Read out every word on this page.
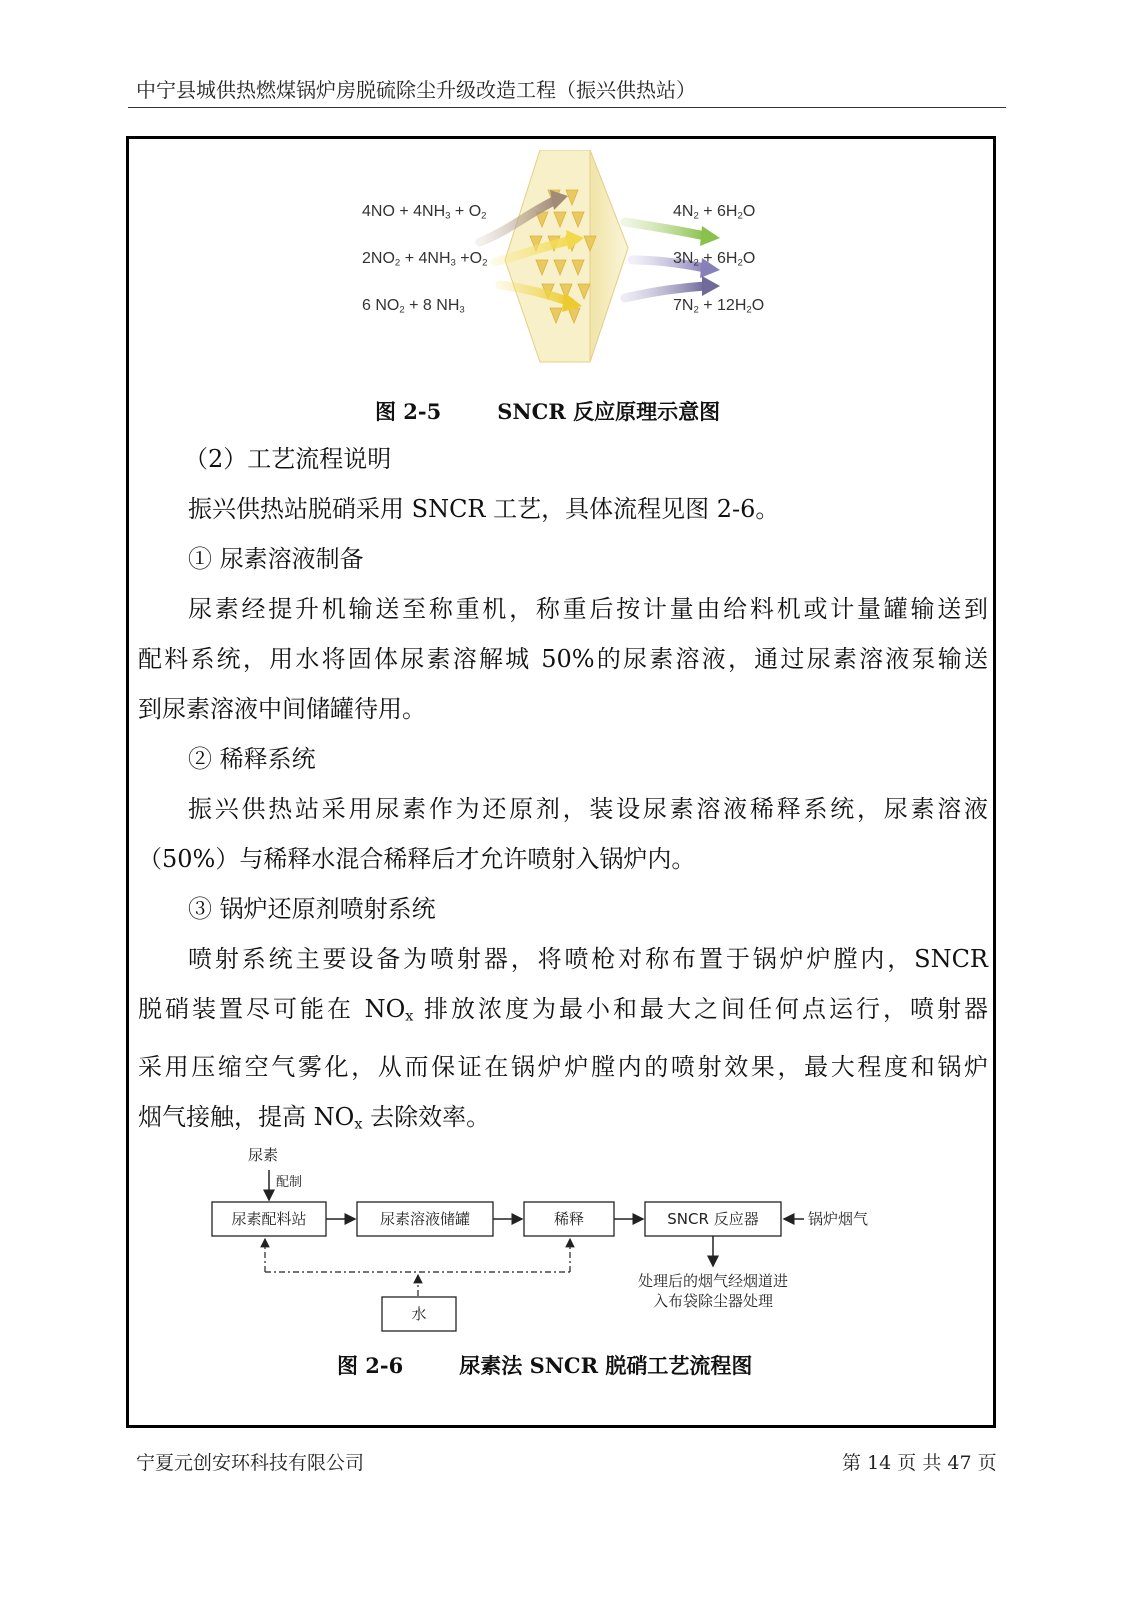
中宁县城供热燃煤锅炉房脱硫除尘升级改造工程（振兴供热站）
$4NO + 4NH_3 + O_2$
$2NO_2 + 4NH_3 +O_2$
6 $NO_2 + 8$ $NH_3$
$4N_2 + 6H_2O$
$3N_2 + 6H_2O$
$7N_2 + 12H_2O$
图 2-5	SNCR 反应原理示意图
（2）工艺流程说明
振兴供热站脱硝采用 SNCR 工艺，具体流程见图 2-6。
① 尿素溶液制备
尿素经提升机输送至称重机，称重后按计量由给料机或计量罐输送到
配料系统，用水将固体尿素溶解城 50%的尿素溶液，通过尿素溶液泵输送
到尿素溶液中间储罐待用。
② 稀释系统
振兴供热站采用尿素作为还原剂，装设尿素溶液稀释系统，尿素溶液
（50%）与稀释水混合稀释后才允许喷射入锅炉内。
③ 锅炉还原剂喷射系统
喷射系统主要设备为喷射器，将喷枪对称布置于锅炉炉膛内，SNCR
脱硝装置尽可能在 $NO_x$ 排放浓度为最小和最大之间任何点运行，喷射器
采用压缩空气雾化，从而保证在锅炉炉膛内的喷射效果，最大程度和锅炉
烟气接触，提高 $NO_x$ 去除效率。
尿素
配制
尿素配料站	尿素溶液储罐	稀释	SNCR 反应器	锅炉烟气
处理后的烟气经烟道进
入布袋除尘器处理
水
图 2-6	尿素法 SNCR 脱硝工艺流程图
宁夏元创安环科技有限公司	第 14 页 共 47 页
